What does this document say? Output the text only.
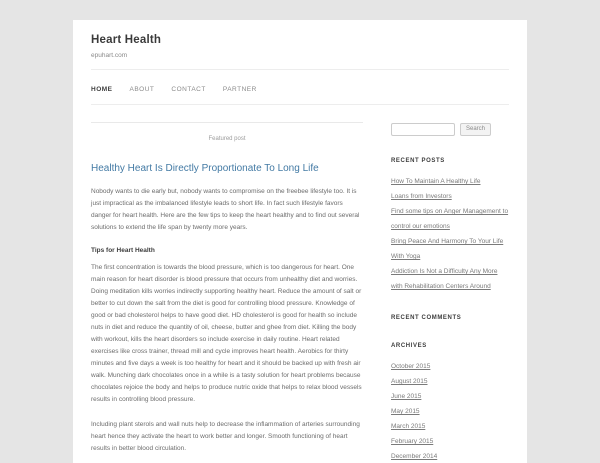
Heart Health
epuhart.com
HOME	ABOUT	CONTACT	PARTNER
Featured post
Healthy Heart Is Directly Proportionate To Long Life

Nobody wants to die early but, nobody wants to compromise on the freebee lifestyle too. It is just impractical as the imbalanced lifestyle leads to short life. In fact such lifestyle favors danger for heart health. Here are the few tips to keep the heart healthy and to find out several solutions to extend the life span by twenty more years.

Tips for Heart Health

The first concentration is towards the blood pressure, which is too dangerous for heart. One main reason for heart disorder is blood pressure that occurs from unhealthy diet and worries. Doing meditation kills worries indirectly supporting healthy heart. Reduce the amount of salt or better to cut down the salt from the diet is good for controlling blood pressure. Knowledge of good or bad cholesterol helps to have good diet. HD cholesterol is good for health so include nuts in diet and reduce the quantity of oil, cheese, butter and ghee from diet. Killing the body with workout, kills the heart disorders so include exercise in daily routine. Heart related exercises like cross trainer, thread mill and cycle improves heart health. Aerobics for thirty minutes and five days a week is too healthy for heart and it should be backed up with fresh air walk. Munching dark chocolates once in a while is a tasty solution for heart problems because chocolates rejoice the body and helps to produce nutric oxide that helps to relax blood vessels results in controlling blood pressure.

Including plant sterols and wall nuts help to decrease the inflammation of arteries surrounding heart hence they activate the heart to work better and longer. Smooth functioning of heart results in better blood circulation.

Search
RECENT POSTS
How To Maintain A Healthy Life
Loans from Investors
Find some tips on Anger Management to control our emotions
Bring Peace And Harmony To Your Life With Yoga
Addiction Is Not a Difficulty Any More with Rehabilitation Centers Around
RECENT COMMENTS
ARCHIVES
October 2015
August 2015
June 2015
May 2015
March 2015
February 2015
December 2014
